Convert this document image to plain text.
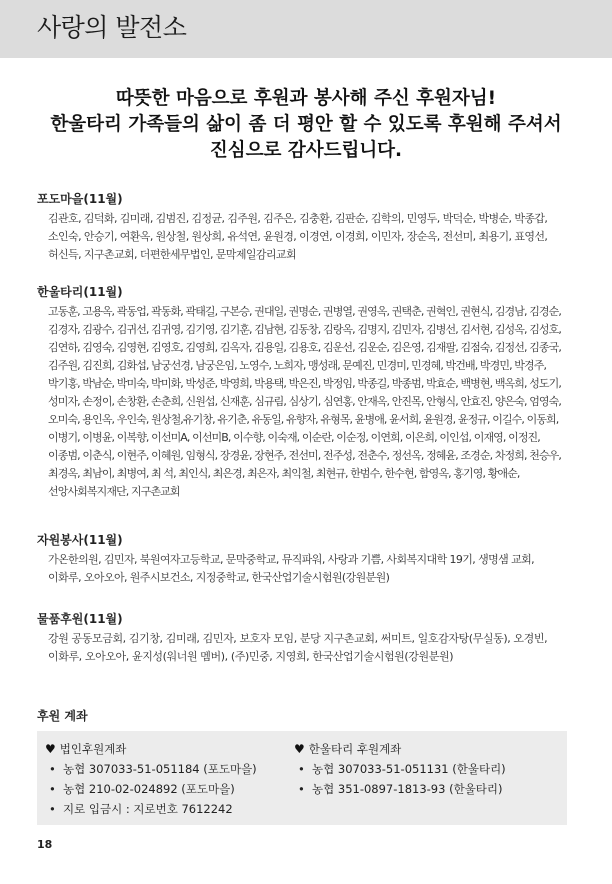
사랑의 발전소
따뜻한 마음으로 후원과 봉사해 주신 후원자님!
한울타리 가족들의 삶이 좀 더 평안 할 수 있도록 후원해 주셔서
진심으로 감사드립니다.
포도마을(11월)
김관호, 김덕화, 김미래, 김범진, 김정균, 김주원, 김주은, 김충환, 김판순, 김학의, 민영두, 박덕순, 박병순, 박종갑, 소인숙, 안승기, 여환옥, 원상철, 원상희, 유석연, 윤원경, 이경연, 이경희, 이민자, 장순옥, 전선미, 최용기, 표영선, 허신득, 지구촌교회, 더편한세무법인, 문막제일감리교회
한울타리(11월)
고동훈, 고용옥, 곽동업, 곽동화, 곽태길, 구본승, 권대일, 권명순, 권병열, 권영옥, 권택춘, 권혁인, 권현식, 김경남, 김경순, 김경자, 김광수, 김귀선, 김귀영, 김기영, 김기훈, 김남현, 김동창, 김랑옥, 김명지, 김민자, 김병선, 김서현, 김성옥, 김성호, 김연하, 김영숙, 김영현, 김영호, 김영희, 김옥자, 김용일, 김용호, 김운선, 김운순, 김은영, 김재팔, 김점숙, 김정선, 김종국, 김주원, 김진희, 김화섭, 남궁선경, 남궁은임, 노영수, 노희자, 맹성래, 문예진, 민경미, 민경혜, 박건배, 박경민, 박경주, 박기홍, 박남순, 박미숙, 박미화, 박성준, 박영희, 박용택, 박은진, 박정임, 박종길, 박종범, 박효순, 백병현, 백옥희, 성도기, 성미자, 손정이, 손창환, 손춘희, 신원섭, 신재훈, 심규림, 심상기, 심연홍, 안재옥, 안진목, 안형식, 안효진, 양은숙, 엄영숙, 오미숙, 용인옥, 우인숙, 원상철,유기창, 유기춘, 유동일, 유향자, 유형목, 윤병애, 윤서희, 윤원경, 윤정규, 이길수, 이동희, 이병기, 이병윤, 이복향, 이선미A, 이선미B, 이수향, 이숙재, 이순란, 이순정, 이연희, 이은희, 이인섭, 이재영, 이정진, 이종범, 이춘식, 이현주, 이혜원, 임형식, 장경윤, 장현주, 전선미, 전주성, 전춘수, 정선옥, 정혜윤, 조경순, 차정희, 천승우, 최경옥, 최남이, 최병여, 최 석, 최인식, 최은경, 최은자, 최익철, 최현규, 한범수, 한수현, 함영옥, 홍기영, 황애순, 선앙사회복지재단, 지구촌교회
자원봉사(11월)
가온한의원, 김민자, 북원여자고등학교, 문막중학교, 뮤직파워, 사랑과 기쁨, 사회복지대학 19기, 생명샘 교회, 이화루, 오아오아, 원주시보건소, 지정중학교, 한국산업기술시험원(강원분원)
물품후원(11월)
강원 공동모금회, 김기창, 김미래, 김민자, 보호자 모임, 분당 지구촌교회, 써미트, 일호감자탕(무실동), 오경빈, 이화루, 오아오아, 윤지성(워너원 멤버), (주)민중, 지영희, 한국산업기술시험원(강원분원)
후원 계좌
♥ 법인후원계좌
• 농협 307033-51-051184 (포도마을)
• 농협 210-02-024892 (포도마을)
• 지로 입금시 : 지로번호 7612242
♥ 한울타리 후원계좌
• 농협 307033-51-051131 (한울타리)
• 농협 351-0897-1813-93 (한울타리)
18
